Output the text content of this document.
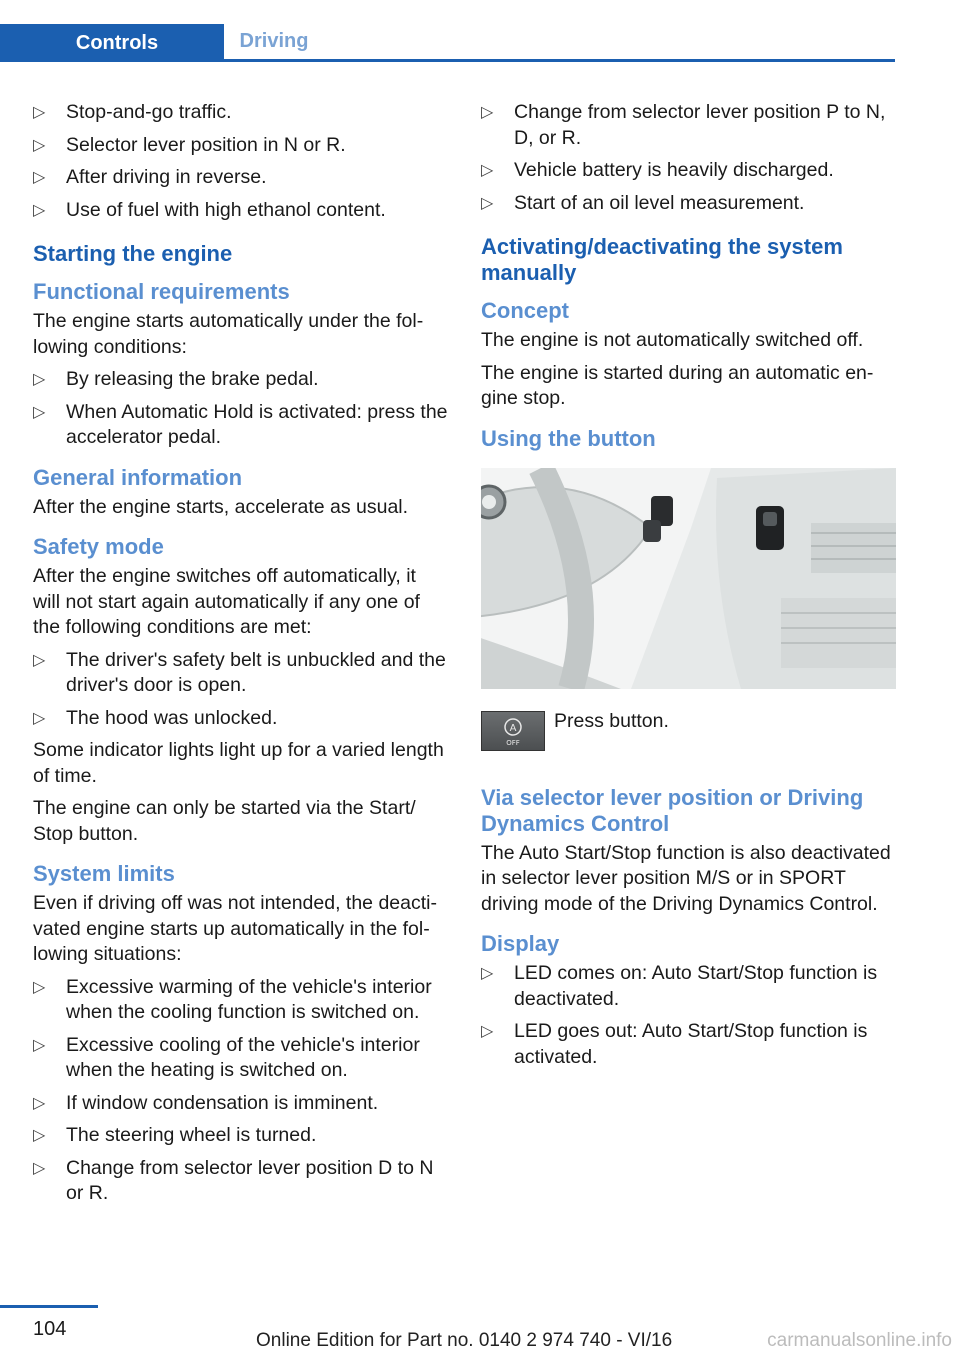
Controls	Driving
▷ Stop-and-go traffic.
▷ Selector lever position in N or R.
▷ After driving in reverse.
▷ Use of fuel with high ethanol content.
Starting the engine
Functional requirements

The engine starts automatically under the following conditions:

▷ By releasing the brake pedal.
▷ When Automatic Hold is activated: press the accelerator pedal.
General information

After the engine starts, accelerate as usual.

Safety mode

After the engine switches off automatically, it will not start again automatically if any one of the following conditions are met:

▷ The driver's safety belt is unbuckled and the driver's door is open.
▷ The hood was unlocked.

Some indicator lights light up for a varied length of time.

The engine can only be started via the Start/ Stop button.

System limits

Even if driving off was not intended, the deactivated engine starts up automatically in the following situations:

▷ Excessive warming of the vehicle's interior when the cooling function is switched on.
▷ Excessive cooling of the vehicle's interior when the heating is switched on.
▷ If window condensation is imminent.
▷ The steering wheel is turned.
▷ Change from selector lever position D to N or R.
▷ Change from selector lever position P to N, D, or R.
▷ Vehicle battery is heavily discharged.
▷ Start of an oil level measurement.
Activating/deactivating the system manually
Concept

The engine is not automatically switched off.

The engine is started during an automatic engine stop.

Using the button
A
OFF

Press button.

Via selector lever position or Driving Dynamics Control

The Auto Start/Stop function is also deactivated in selector lever position M/S or in SPORT driving mode of the Driving Dynamics Control.

Display
▷ LED comes on: Auto Start/Stop function is deactivated.
▷ LED goes out: Auto Start/Stop function is activated.
104
Online Edition for Part no. 0140 2 974 740 - VI/16	carmanualsonline.info
